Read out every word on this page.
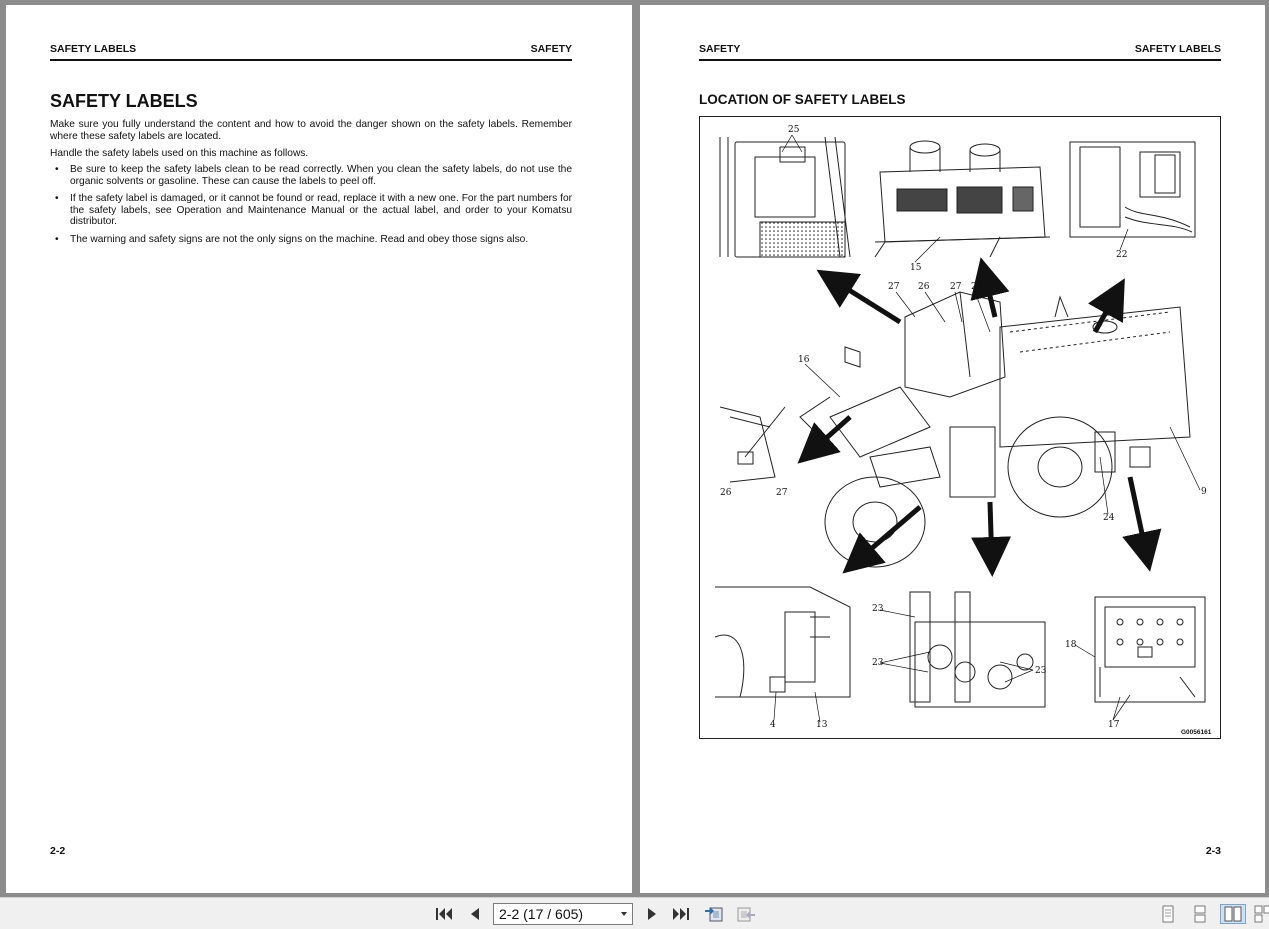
SAFETY LABELS	SAFETY
SAFETY LABELS
Make sure you fully understand the content and how to avoid the danger shown on the safety labels. Remember where these safety labels are located.
Handle the safety labels used on this machine as follows.
• Be sure to keep the safety labels clean to be read correctly. When you clean the safety labels, do not use the organic solvents or gasoline. These can cause the labels to peel off.
• If the safety label is damaged, or it cannot be found or read, replace it with a new one. For the part numbers for the safety labels, see Operation and Maintenance Manual or the actual label, and order to your Komatsu distributor.
• The warning and safety signs are not the only signs on the machine. Read and obey those signs also.
2-2
SAFETY	SAFETY LABELS
LOCATION OF SAFETY LABELS
25
15
22
27 26 27 26
16
26	27	9
24
23
23
23
18
4	13	17
G0056161
2-3
2-2 (17 / 605)
